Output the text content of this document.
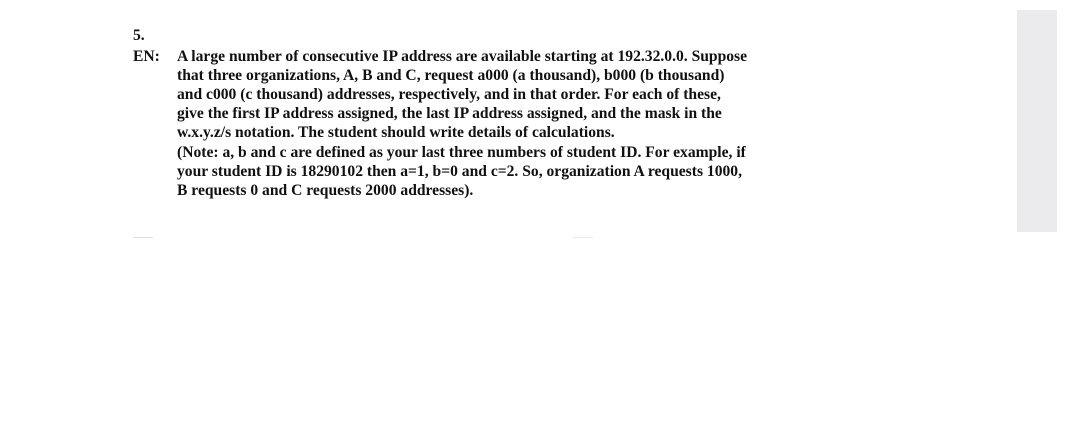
5.
EN: A large number of consecutive IP address are available starting at 192.32.0.0. Suppose
that three organizations, A, B and C, request a000 (a thousand), b000 (b thousand)
and c000 (c thousand) addresses, respectively, and in that order. For each of these,
give the first IP address assigned, the last IP address assigned, and the mask in the
w.x.y.z/s notation. The student should write details of calculations.
(Note: a, b and c are defined as your last three numbers of student ID. For example, if
your student ID is 18290102 then a=1, b=0 and c=2. So, organization A requests 1000,
B requests 0 and C requests 2000 addresses).
